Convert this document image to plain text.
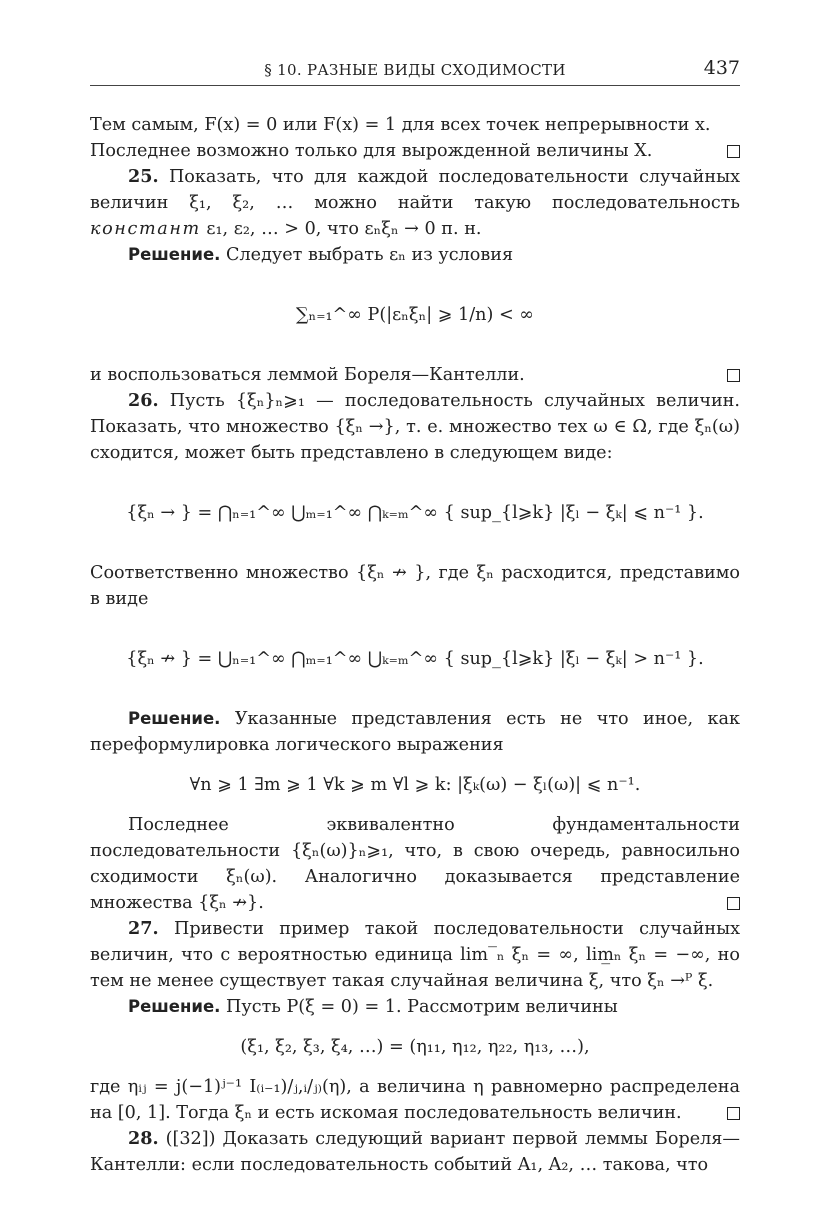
§ 10. РАЗНЫЕ ВИДЫ СХОДИМОСТИ	437

Тем самым, F(x) = 0 или F(x) = 1 для всех точек непрерывности x.
Последнее возможно только для вырожденной величины X.

25. Показать, что для каждой последовательности случайных величин ξ₁, ξ₂, … можно найти такую последовательность констант ε₁, ε₂, … > 0, что εₙξₙ → 0 п. н.

Решение. Следует выбрать εₙ из условия

∑ₙ₌₁^∞ P(|εₙξₙ| ⩾ 1/n) < ∞

и воспользоваться леммой Бореля—Кантелли.

26. Пусть {ξₙ}ₙ⩾₁ — последовательность случайных величин. Показать, что множество {ξₙ →}, т. е. множество тех ω ∈ Ω, где ξₙ(ω) сходится, может быть представлено в следующем виде:

{ξₙ → } = ⋂ₙ₌₁^∞ ⋃ₘ₌₁^∞ ⋂ₖ₌ₘ^∞ { sup_{l⩾k} |ξₗ − ξₖ| ⩽ n⁻¹ }.

Соответственно множество {ξₙ ↛ }, где ξₙ расходится, представимо в виде

{ξₙ ↛ } = ⋃ₙ₌₁^∞ ⋂ₘ₌₁^∞ ⋃ₖ₌ₘ^∞ { sup_{l⩾k} |ξₗ − ξₖ| > n⁻¹ }.

Решение. Указанные представления есть не что иное, как переформулировка логического выражения

∀n ⩾ 1 ∃m ⩾ 1 ∀k ⩾ m ∀l ⩾ k: |ξₖ(ω) − ξₗ(ω)| ⩽ n⁻¹.

Последнее эквивалентно фундаментальности последовательности {ξₙ(ω)}ₙ⩾₁, что, в свою очередь, равносильно сходимости ξₙ(ω). Аналогично доказывается представление множества {ξₙ ↛}.

27. Привести пример такой последовательности случайных величин, что с вероятностью единица lim‾ₙ ξₙ = ∞, lim̲ₙ ξₙ = −∞, но тем не менее существует такая случайная величина ξ, что ξₙ →ᴾ ξ.

Решение. Пусть P(ξ = 0) = 1. Рассмотрим величины

(ξ₁, ξ₂, ξ₃, ξ₄, …) = (η₁₁, η₁₂, η₂₂, η₁₃, …),

где ηᵢⱼ = j(−1)ʲ⁻¹ I₍ᵢ₋₁)/ⱼ,ᵢ/ⱼ₎(η), а величина η равномерно распределена на [0, 1]. Тогда ξₙ и есть искомая последовательность величин.

28. ([32]) Доказать следующий вариант первой леммы Бореля—Кантелли: если последовательность событий A₁, A₂, … такова, что
